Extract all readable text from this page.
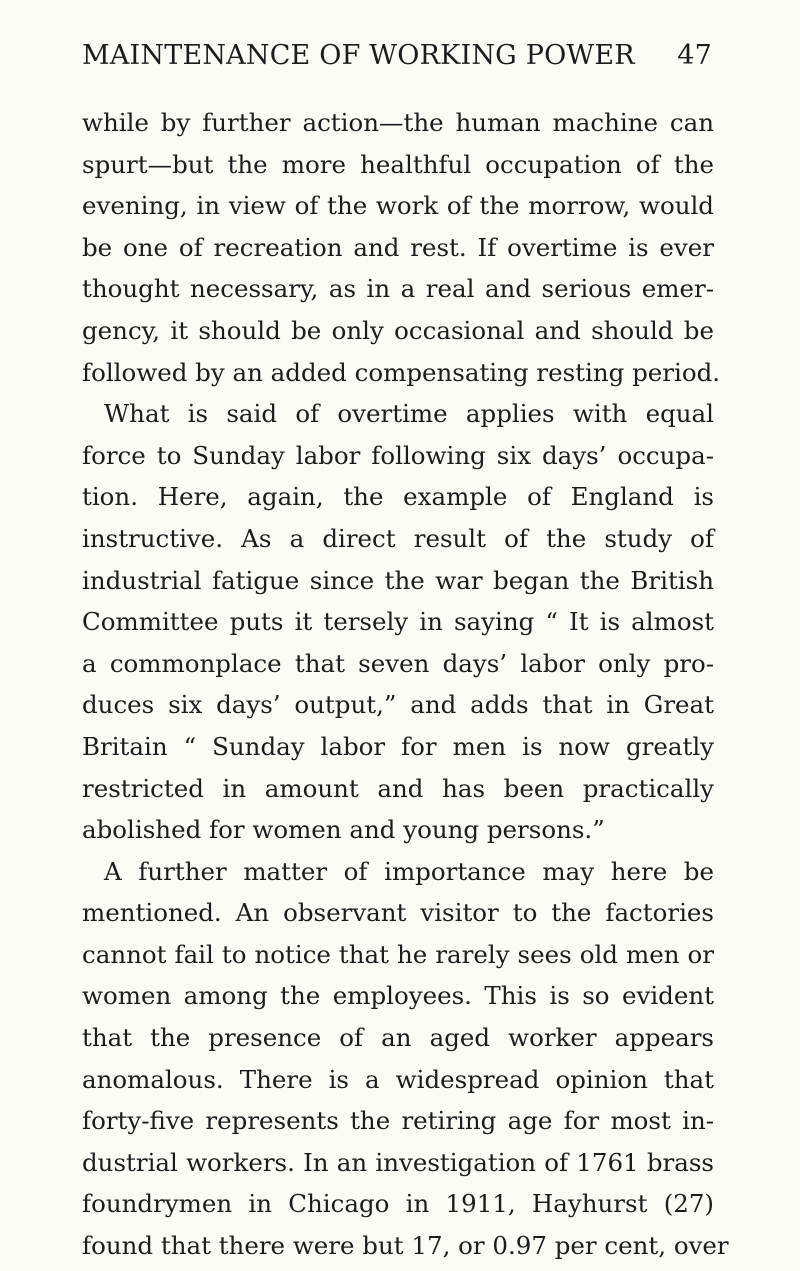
MAINTENANCE OF WORKING POWER 47
while by further action—the human machine can
spurt—but the more healthful occupation of the
evening, in view of the work of the morrow, would
be one of recreation and rest. If overtime is ever
thought necessary, as in a real and serious emer-
gency, it should be only occasional and should be
followed by an added compensating resting period.
What is said of overtime applies with equal
force to Sunday labor following six days’ occupa-
tion. Here, again, the example of England is
instructive. As a direct result of the study of
industrial fatigue since the war began the British
Committee puts it tersely in saying “ It is almost
a commonplace that seven days’ labor only pro-
duces six days’ output,” and adds that in Great
Britain “ Sunday labor for men is now greatly
restricted in amount and has been practically
abolished for women and young persons.”
A further matter of importance may here be
mentioned. An observant visitor to the factories
cannot fail to notice that he rarely sees old men or
women among the employees. This is so evident
that the presence of an aged worker appears
anomalous. There is a widespread opinion that
forty-five represents the retiring age for most in-
dustrial workers. In an investigation of 1761 brass
foundrymen in Chicago in 1911, Hayhurst (27)
found that there were but 17, or 0.97 per cent, over
